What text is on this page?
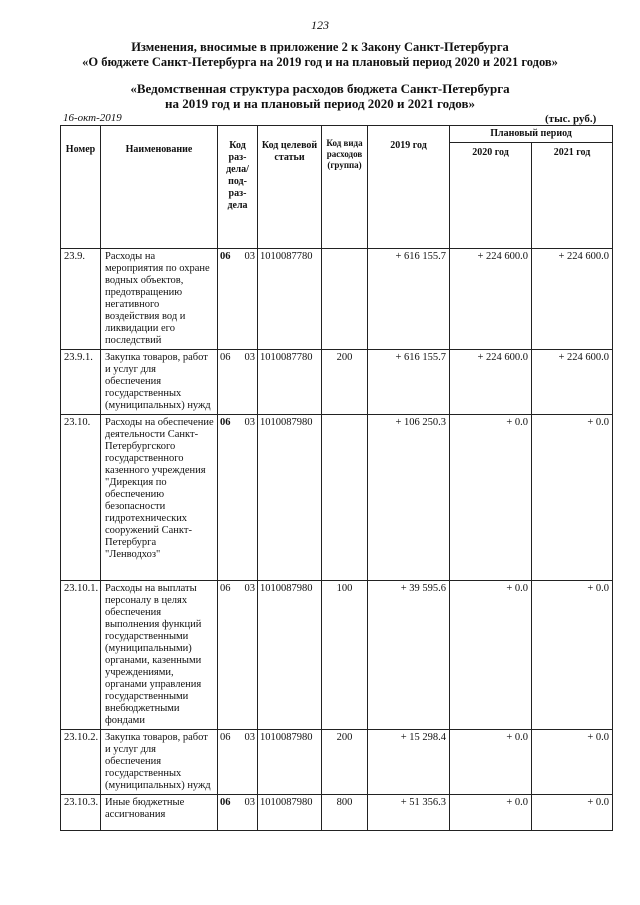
123
Изменения, вносимые в приложение 2 к Закону Санкт-Петербурга
«О бюджете Санкт-Петербурга на 2019 год и на плановый период 2020 и 2021 годов»
«Ведомственная структура расходов бюджета Санкт-Петербурга
на 2019 год и на плановый период 2020 и 2021 годов»
16-окт-2019	(тыс. руб.)
Номер	Наименование	Код раз-дела/ под-раз-дела		Код целевой статьи	Код вида расходов (группа)	2019 год	Плановый период	
							2020 год	2021 год
23.9.	Расходы на мероприятия по охране водных объектов, предотвращению негативного воздействия вод и ликвидации его последствий	06	03	1010087780		+ 616 155.7	+ 224 600.0	+ 224 600.0
23.9.1.	Закупка товаров, работ и услуг для обеспечения государственных (муниципальных) нужд	06	03	1010087780	200	+ 616 155.7	+ 224 600.0	+ 224 600.0
23.10.	Расходы на обеспечение деятельности Санкт-Петербургского государственного казенного учреждения "Дирекция по обеспечению безопасности гидротехнических сооружений Санкт-Петербурга "Ленводхоз"	06	03	1010087980		+ 106 250.3	+ 0.0	+ 0.0
23.10.1.	Расходы на выплаты персоналу в целях обеспечения выполнения функций государственными (муниципальными) органами, казенными учреждениями, органами управления государственными внебюджетными фондами	06	03	1010087980	100	+ 39 595.6	+ 0.0	+ 0.0
23.10.2.	Закупка товаров, работ и услуг для обеспечения государственных (муниципальных) нужд	06	03	1010087980	200	+ 15 298.4	+ 0.0	+ 0.0
23.10.3.	Иные бюджетные ассигнования	06	03	1010087980	800	+ 51 356.3	+ 0.0	+ 0.0
